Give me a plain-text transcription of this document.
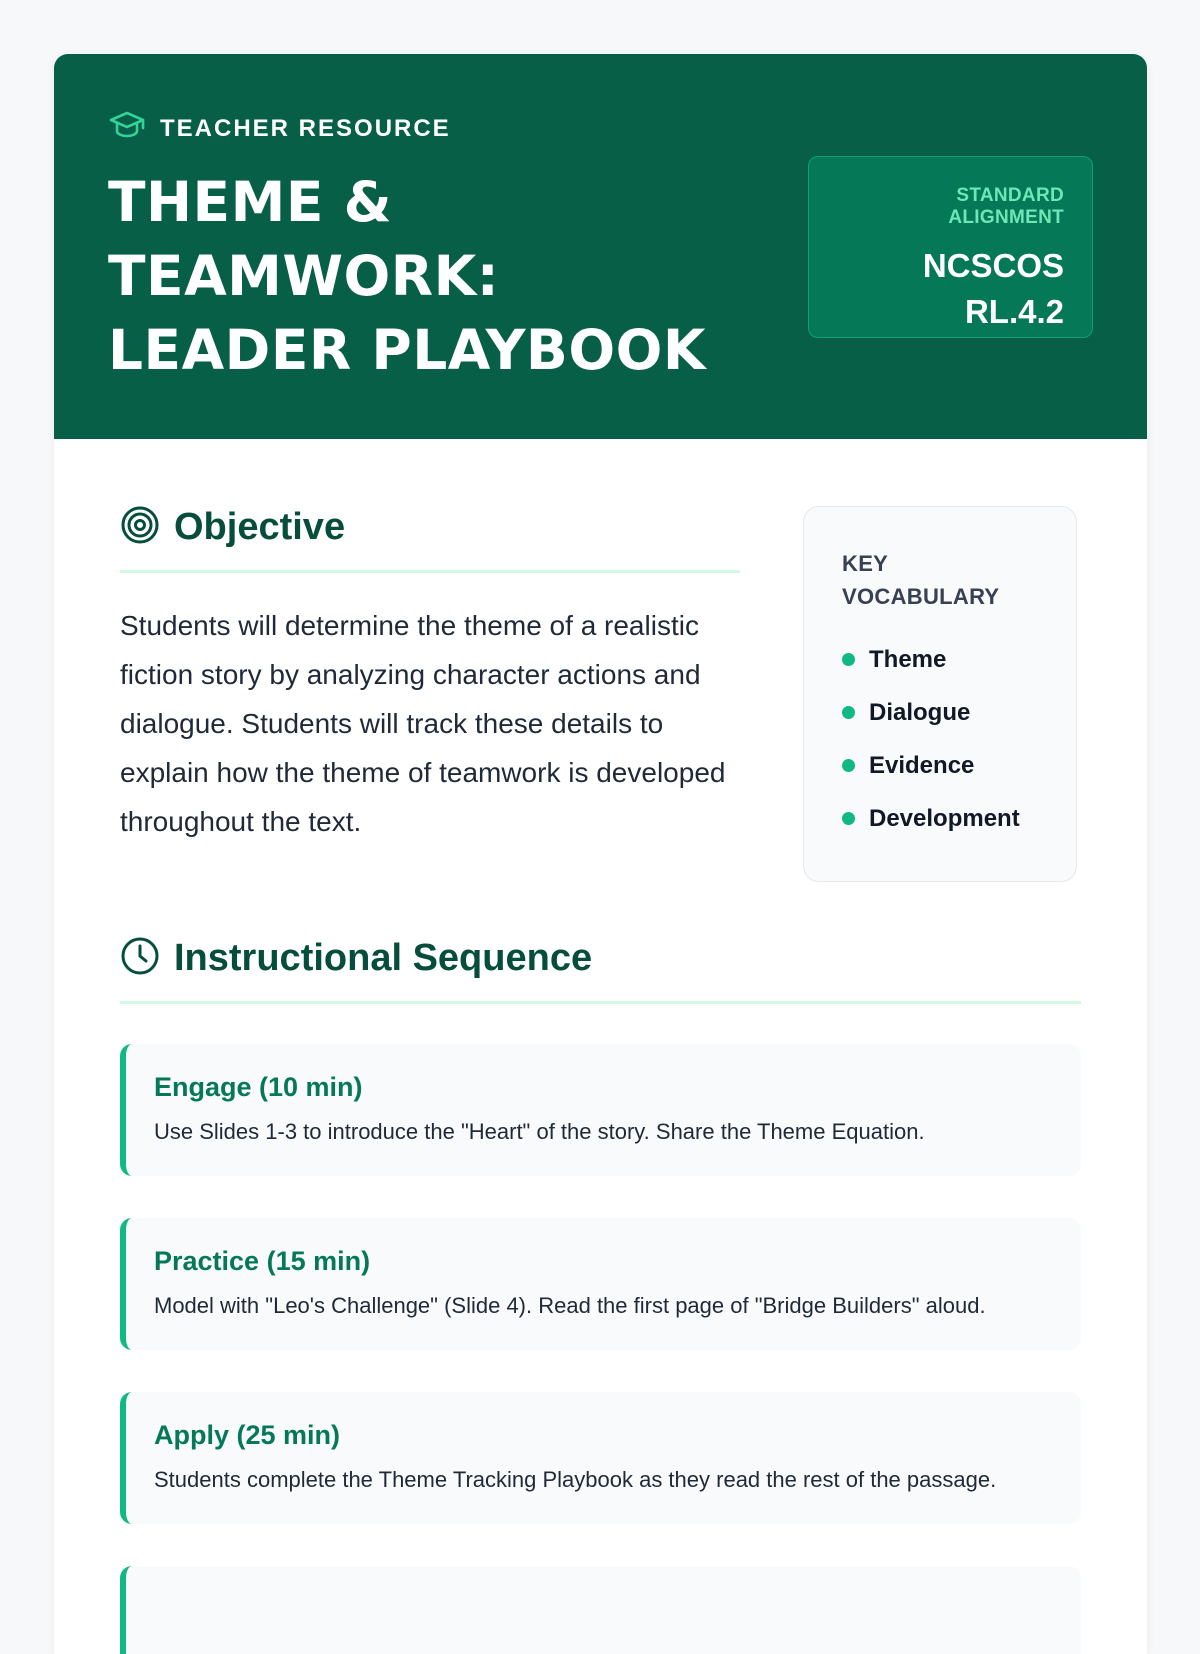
TEACHER RESOURCE
THEME &
TEAMWORK:
LEADER PLAYBOOK
STANDARD ALIGNMENT
NCSCOS
RL.4.2
Objective

Students will determine the theme of a realistic fiction story by analyzing character actions and dialogue. Students will track these details to explain how the theme of teamwork is developed throughout the text.

Instructional Sequence
Engage (10 min)
Use Slides 1-3 to introduce the "Heart" of the story. Share the Theme Equation.
Practice (15 min)
Model with "Leo's Challenge" (Slide 4). Read the first page of "Bridge Builders" aloud.
Apply (25 min)
Students complete the Theme Tracking Playbook as they read the rest of the passage.
KEY
VOCABULARY
Theme
Dialogue
Evidence
Development
